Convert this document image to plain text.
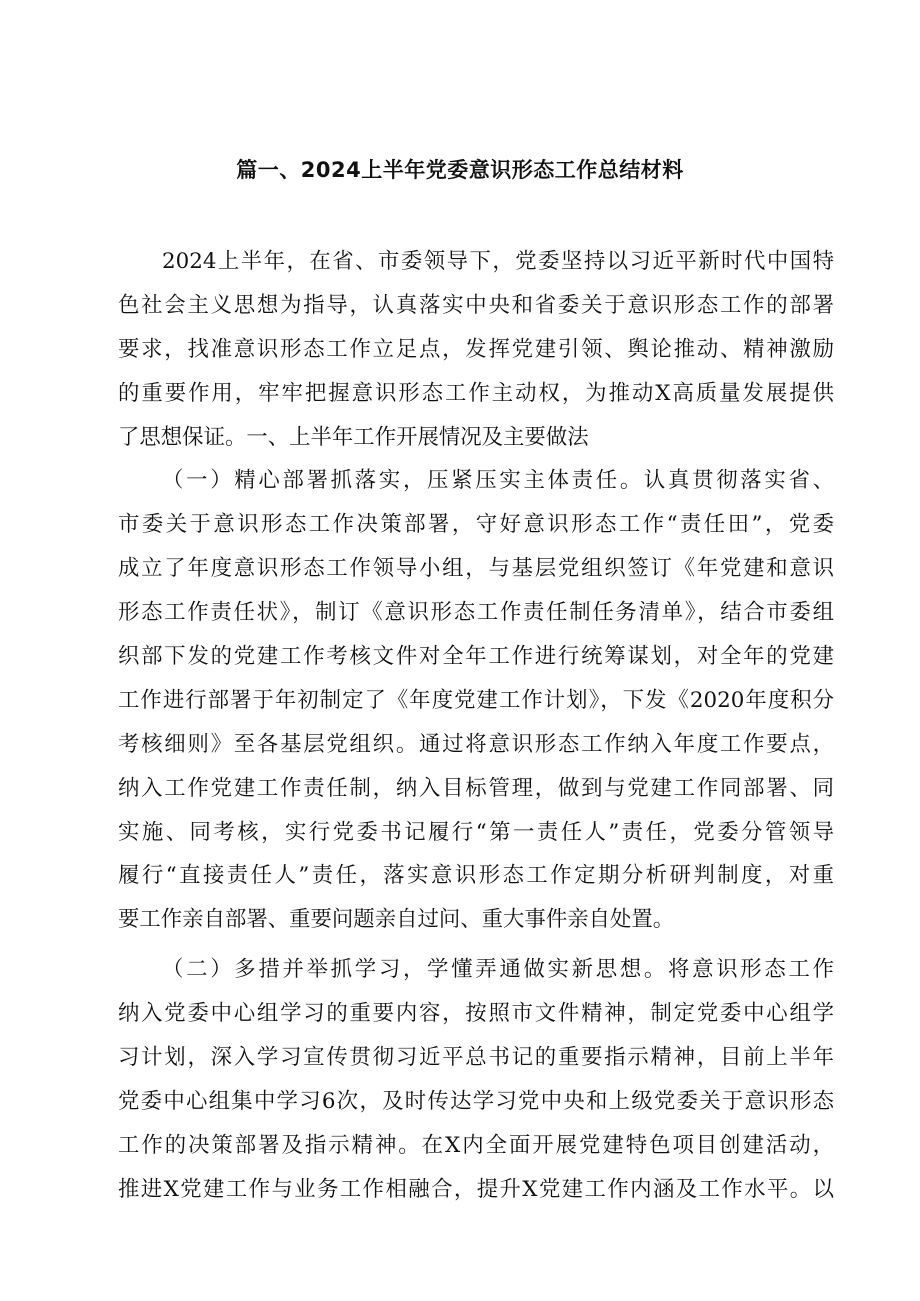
篇一、2024上半年党委意识形态工作总结材料
2024上半年，在省、市委领导下，党委坚持以习近平新时代中国特
色社会主义思想为指导，认真落实中央和省委关于意识形态工作的部署
要求，找准意识形态工作立足点，发挥党建引领、舆论推动、精神激励
的重要作用，牢牢把握意识形态工作主动权，为推动X高质量发展提供
了思想保证。一、上半年工作开展情况及主要做法
（一）精心部署抓落实，压紧压实主体责任。认真贯彻落实省、
市委关于意识形态工作决策部署，守好意识形态工作“责任田”，党委
成立了年度意识形态工作领导小组，与基层党组织签订《年党建和意识
形态工作责任状》，制订《意识形态工作责任制任务清单》，结合市委组
织部下发的党建工作考核文件对全年工作进行统筹谋划，对全年的党建
工作进行部署于年初制定了《年度党建工作计划》，下发《2020年度积分
考核细则》至各基层党组织。通过将意识形态工作纳入年度工作要点，
纳入工作党建工作责任制，纳入目标管理，做到与党建工作同部署、同
实施、同考核，实行党委书记履行“第一责任人”责任，党委分管领导
履行“直接责任人”责任，落实意识形态工作定期分析研判制度，对重
要工作亲自部署、重要问题亲自过问、重大事件亲自处置。
（二）多措并举抓学习，学懂弄通做实新思想。将意识形态工作
纳入党委中心组学习的重要内容，按照市文件精神，制定党委中心组学
习计划，深入学习宣传贯彻习近平总书记的重要指示精神，目前上半年
党委中心组集中学习6次，及时传达学习党中央和上级党委关于意识形态
工作的决策部署及指示精神。在X内全面开展党建特色项目创建活动，
推进X党建工作与业务工作相融合，提升X党建工作内涵及工作水平。以
